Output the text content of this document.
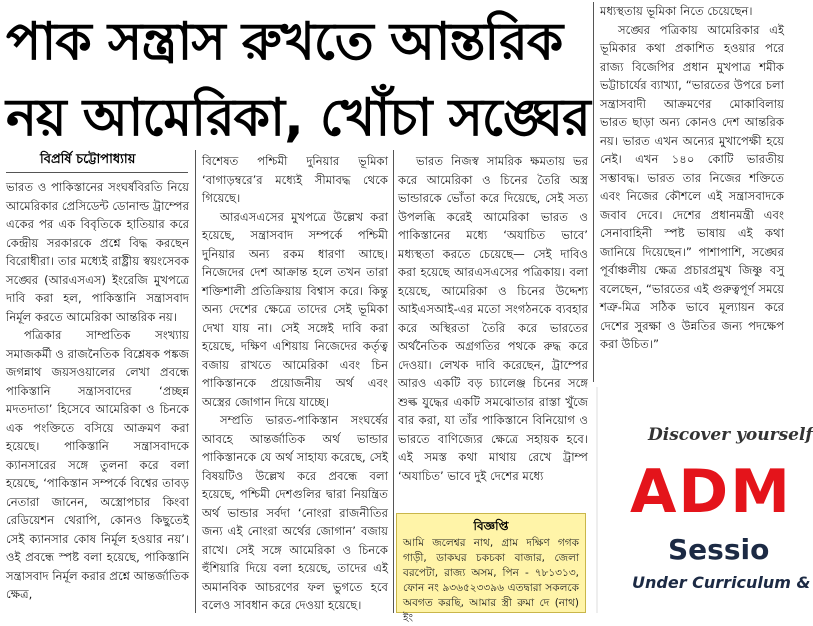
পাক সন্ত্রাস রুখতে আন্তরিক
নয় আমেরিকা, খোঁচা সঙ্ঘের

বিপ্রর্ষি চট্টোপাধ্যায়

ভারত ও পাকিস্তানের সংঘর্ষবিরতি নিয়ে আমেরিকার প্রেসিডেন্ট ডোনাল্ড ট্রাম্পের একের পর এক বিবৃতিকে হাতিয়ার করে কেন্দ্রীয় সরকারকে প্রশ্নে বিদ্ধ করছেন বিরোধীরা। তার মধ্যেই রাষ্ট্রীয় স্বয়ংসেবক সঙ্ঘের (আরএসএস) ইংরেজি মুখপত্রে দাবি করা হল, পাকিস্তানি সন্ত্রাসবাদ নির্মূল করতে আমেরিকা আন্তরিক নয়।

পত্রিকার সাম্প্রতিক সংখ্যায় সমাজকর্মী ও রাজনৈতিক বিশ্লেষক পঙ্কজ জগন্নাথ জয়সওয়ালের লেখা প্রবন্ধে পাকিস্তানি সন্ত্রাসবাদের ‘প্রচ্ছন্ন মদতদাতা’ হিসেবে আমেরিকা ও চিনকে এক পংক্তিতে বসিয়ে আক্রমণ করা হয়েছে। পাকিস্তানি সন্ত্রাসবাদকে ক্যানসারের সঙ্গে তুলনা করে বলা হয়েছে, ‘পাকিস্তান সম্পর্কে বিশ্বের তাবড় নেতারা জানেন, অস্ত্রোপচার কিংবা রেডিয়েশন থেরাপি, কোনও কিছুতেই সেই ক্যানসার কোষ নির্মূল হওয়ার নয়’। ওই প্রবন্ধে স্পষ্ট বলা হয়েছে, পাকিস্তানি সন্ত্রাসবাদ নির্মূল করার প্রশ্নে আন্তর্জাতিক ক্ষেত্র,

বিশেষত পশ্চিমী দুনিয়ার ভূমিকা ‘বাগাড়ম্বরে’র মধ্যেই সীমাবদ্ধ থেকে গিয়েছে।

আরএসএসের মুখপত্রে উল্লেখ করা হয়েছে, সন্ত্রাসবাদ সম্পর্কে পশ্চিমী দুনিয়ার অন্য রকম ধারণা আছে। নিজেদের দেশ আক্রান্ত হলে তখন তারা শক্তিশালী প্রতিক্রিয়ায় বিশ্বাস করে। কিন্তু অন্য দেশের ক্ষেত্রে তাদের সেই ভূমিকা দেখা যায় না। সেই সঙ্গেই দাবি করা হয়েছে, দক্ষিণ এশিয়ায় নিজেদের কর্তৃত্ব বজায় রাখতে আমেরিকা এবং চিন পাকিস্তানকে প্রয়োজনীয় অর্থ এবং অস্ত্রের জোগান দিয়ে যাচ্ছে।

সম্প্রতি ভারত-পাকিস্তান সংঘর্ষের আবহে আন্তর্জাতিক অর্থ ভান্ডার পাকিস্তানকে যে অর্থ সাহায্য করেছে, সেই বিষয়টিও উল্লেখ করে প্রবন্ধে বলা হয়েছে, পশ্চিমী দেশগুলির দ্বারা নিয়ন্ত্রিত অর্থ ভান্ডার সর্বদা ‘নোংরা রাজনীতির জন্য এই নোংরা অর্থের জোগান’ বজায় রাখে। সেই সঙ্গে আমেরিকা ও চিনকে হুঁশিয়ারি দিয়ে বলা হয়েছে, তাদের এই অমানবিক আচরণের ফল ভুগতে হবে বলেও সাবধান করে দেওয়া হয়েছে।

ভারত নিজস্ব সামরিক ক্ষমতায় ভর করে আমেরিকা ও চিনের তৈরি অস্ত্র ভান্ডারকে ভোঁতা করে দিয়েছে, সেই সত্য উপলব্ধি করেই আমেরিকা ভারত ও পাকিস্তানের মধ্যে ‘অযাচিত ভাবে’ মধ্যস্থতা করতে চেয়েছে— সেই দাবিও করা হয়েছে আরএসএসের পত্রিকায়। বলা হয়েছে, আমেরিকা ও চিনের উদ্দেশ্য আইএসআই-এর মতো সংগঠনকে ব্যবহার করে অস্থিরতা তৈরি করে ভারতের অর্থনৈতিক অগ্রগতির পথকে রুদ্ধ করে দেওয়া। লেখক দাবি করেছেন, ট্রাম্পের আরও একটি বড় চ্যালেঞ্জ চিনের সঙ্গে শুল্ক যুদ্ধের একটি সমঝোতার রাস্তা খুঁজে বার করা, যা তাঁর পাকিস্তানে বিনিয়োগ ও ভারতে বাণিজ্যের ক্ষেত্রে সহায়ক হবে। এই সমস্ত কথা মাথায় রেখে ট্রাম্প ‘অযাচিত’ ভাবে দুই দেশের মধ্যে

বিজ্ঞপ্তি

আমি জলেশ্বর নাথ, গ্রাম দক্ষিণ গগক গাড়ী, ডাকঘর চকচকা বাজার, জেলা বরপেটা, রাজ্য অসম, পিন - ৭৮১৩১৩, ফোন নং ৯৩৬৫২৩৩৯৬ এতদ্বারা সকলকে অবগত করছি, আমার স্ত্রী রুমা দে (নাথ) ইং

মধ্যস্থতায় ভূমিকা নিতে চেয়েছেন।

সঙ্ঘের পত্রিকায় আমেরিকার এই ভূমিকার কথা প্রকাশিত হওয়ার পরে রাজ্য বিজেপির প্রধান মুখপাত্র শমীক ভট্টাচার্যের ব্যাখ্যা, “ভারতের উপরে চলা সন্ত্রাসবাদী আক্রমণের মোকাবিলায় ভারত ছাড়া অন্য কোনও দেশ আন্তরিক নয়। ভারত এখন অন্যের মুখাপেক্ষী হয়ে নেই। এখন ১৪০ কোটি ভারতীয় সম্ভাবদ্ধ। ভারত তার নিজের শক্তিতে এবং নিজের কৌশলে এই সন্ত্রাসবাদকে জবাব দেবে। দেশের প্রধানমন্ত্রী এবং সেনাবাহিনী স্পষ্ট ভাষায় এই কথা জানিয়ে দিয়েছেন।” পাশাপাশি, সঙ্ঘের পূর্বাঞ্চলীয় ক্ষেত্র প্রচারপ্রমুখ জিষ্ণু বসু বলেছেন, “ভারতের এই গুরুত্বপূর্ণ সময়ে শত্রু-মিত্র সঠিক ভাবে মূল্যায়ন করে দেশের সুরক্ষা ও উন্নতির জন্য পদক্ষেপ করা উচিত।”

Discover yourself
ADM
Sessio
Under Curriculum &
